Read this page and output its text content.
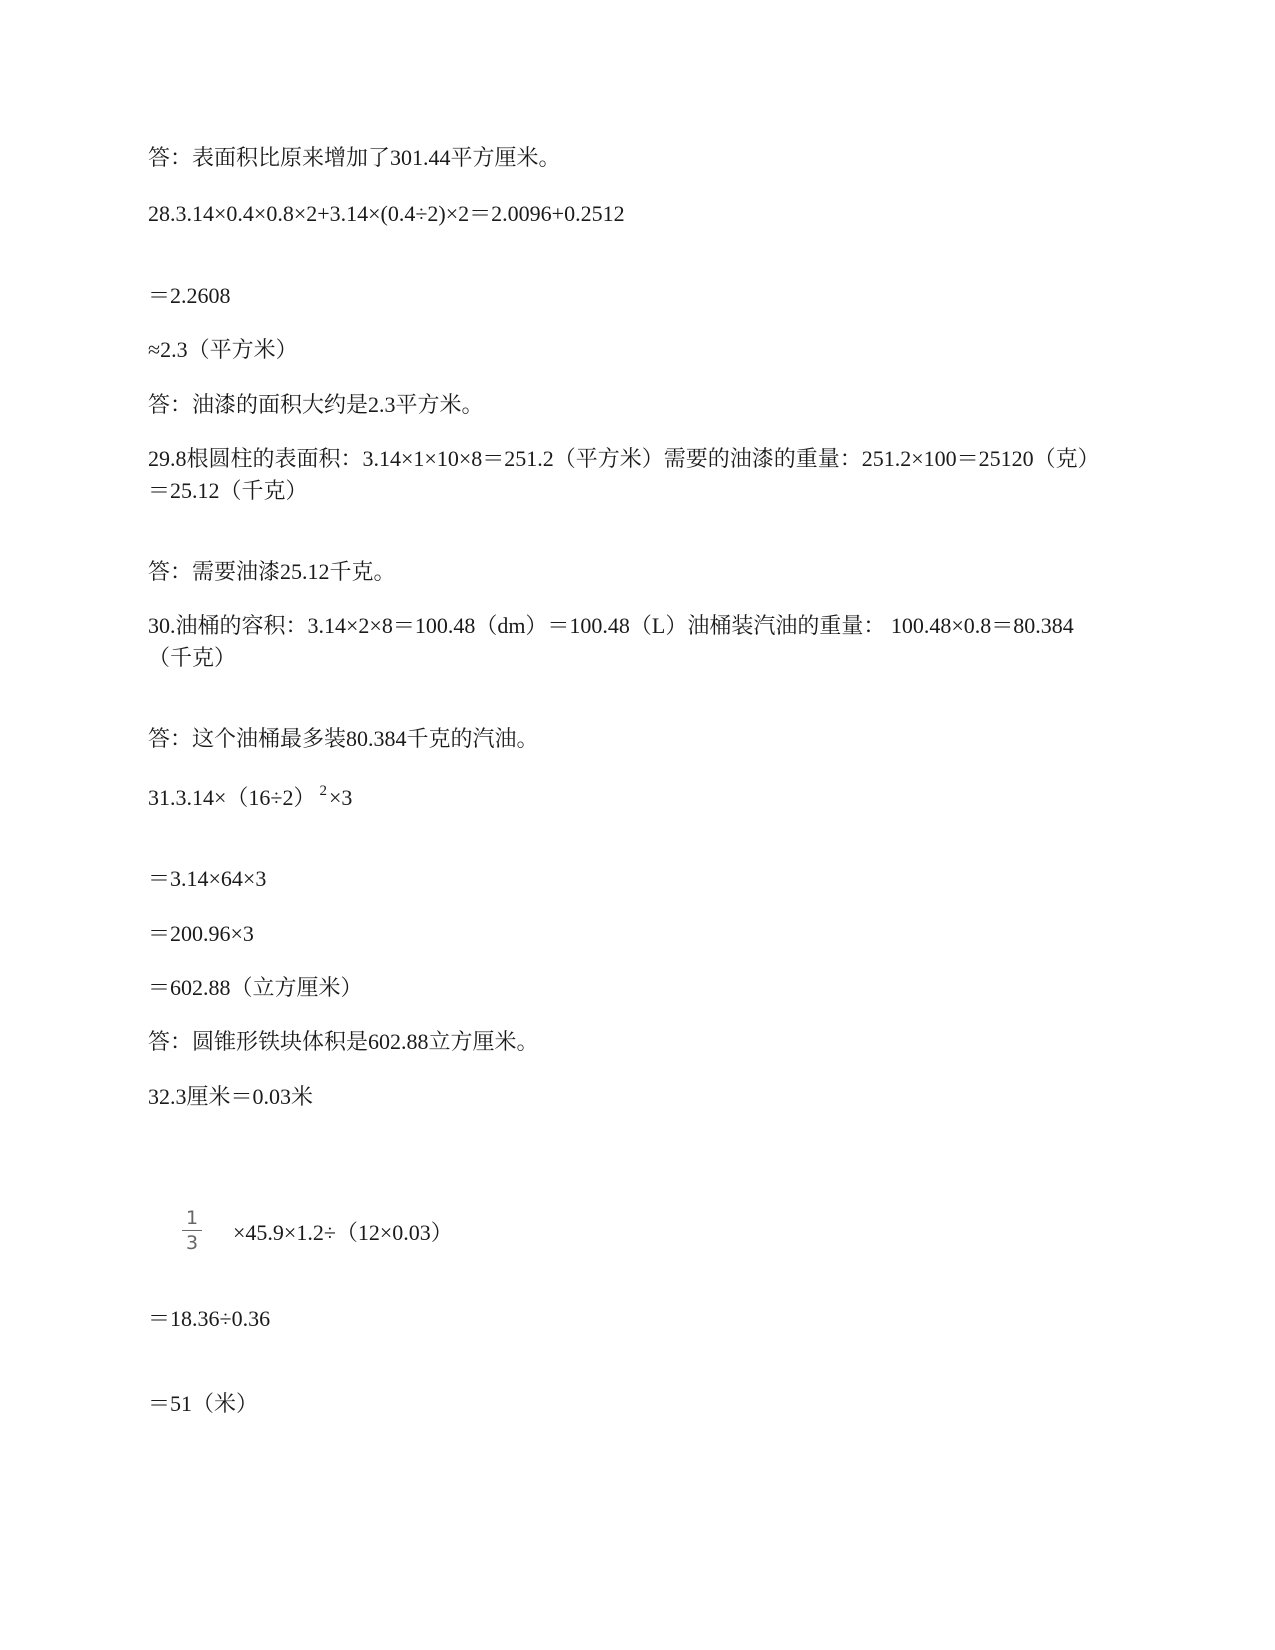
答：表面积比原来增加了301.44平方厘米。
28.3.14×0.4×0.8×2+3.14×(0.4÷2)×2＝2.0096+0.2512
＝2.2608
≈2.3（平方米）
答：油漆的面积大约是2.3平方米。
29.8根圆柱的表面积：3.14×1×10×8＝251.2（平方米）需要的油漆的重量：251.2×100＝25120（克）＝25.12（千克）
答：需要油漆25.12千克。
30.油桶的容积：3.14×2×8＝100.48（dm）＝100.48（L）油桶装汽油的重量： 100.48×0.8＝80.384（千克）
答：这个油桶最多装80.384千克的汽油。
31.3.14×（16÷2） $^2$×3
＝3.14×64×3
＝200.96×3
＝602.88（立方厘米）
答：圆锥形铁块体积是602.88立方厘米。
32.3厘米＝0.03米
1
3 ×45.9×1.2÷（12×0.03）
＝18.36÷0.36
＝51（米）
